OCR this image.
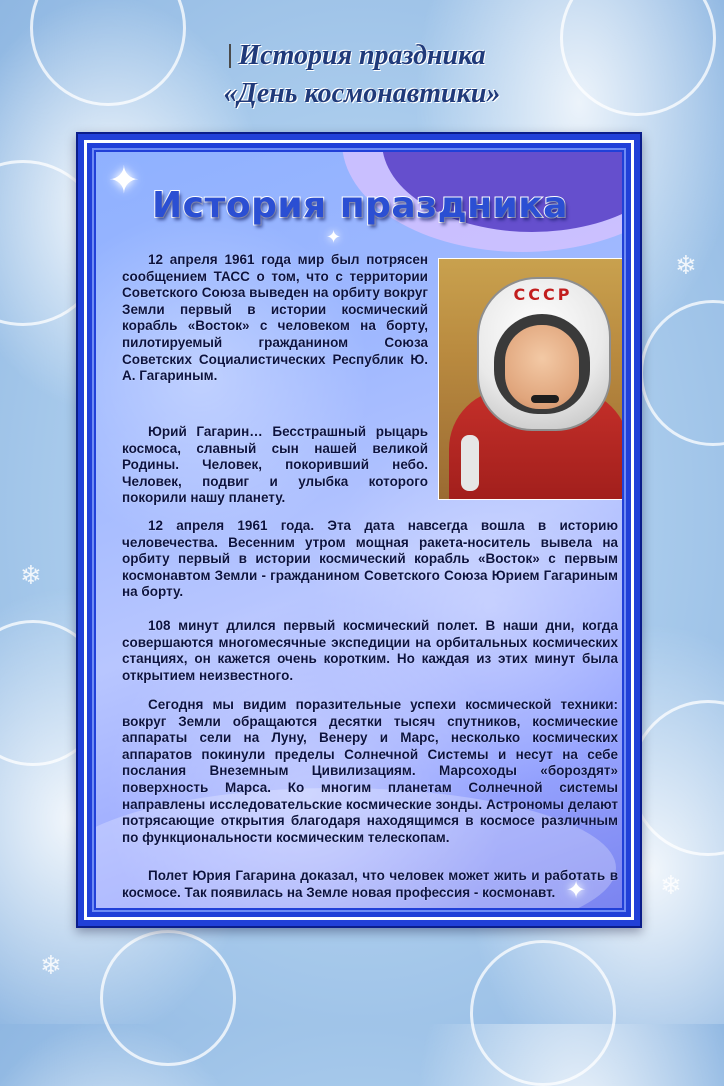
❄
❄
❄
❄
История праздника
«День космонавтики»
✦
✦
✦
История праздника
СССР

12 апреля 1961 года мир был потрясен сообщением ТАСС о том, что с территории Советского Союза выведен на орбиту вокруг Земли первый в истории космический корабль «Восток» с человеком на борту, пилотируемый гражданином Союза Советских Социалистических Республик Ю. А. Гагариным.

Юрий Гагарин… Бесстрашный рыцарь космоса, славный сын нашей великой Родины. Человек, покоривший небо. Человек, подвиг и улыбка которого покорили нашу планету.

12 апреля 1961 года. Эта дата навсегда вошла в историю человечества. Весенним утром мощная ракета-носитель вывела на орбиту первый в истории космический корабль «Восток» с первым космонавтом Земли - гражданином Советского Союза Юрием Гагариным на борту.

108 минут длился первый космический полет. В наши дни, когда совершаются многомесячные экспедиции на орбитальных космических станциях, он кажется очень коротким. Но каждая из этих минут была открытием неизвестного.

Сегодня мы видим поразительные успехи космической техники: вокруг Земли обращаются десятки тысяч спутников, космические аппараты сели на Луну, Венеру и Марс, несколько космических аппаратов покинули пределы Солнечной Системы и несут на себе послания Внеземным Цивилизациям. Марсоходы «бороздят» поверхность Марса. Ко многим планетам Солнечной системы направлены исследовательские космические зонды. Астрономы делают потрясающие открытия благодаря находящимся в космосе различным по функциональности космическим телескопам.

Полет Юрия Гагарина доказал, что человек может жить и работать в космосе. Так появилась на Земле новая профессия - космонавт.
